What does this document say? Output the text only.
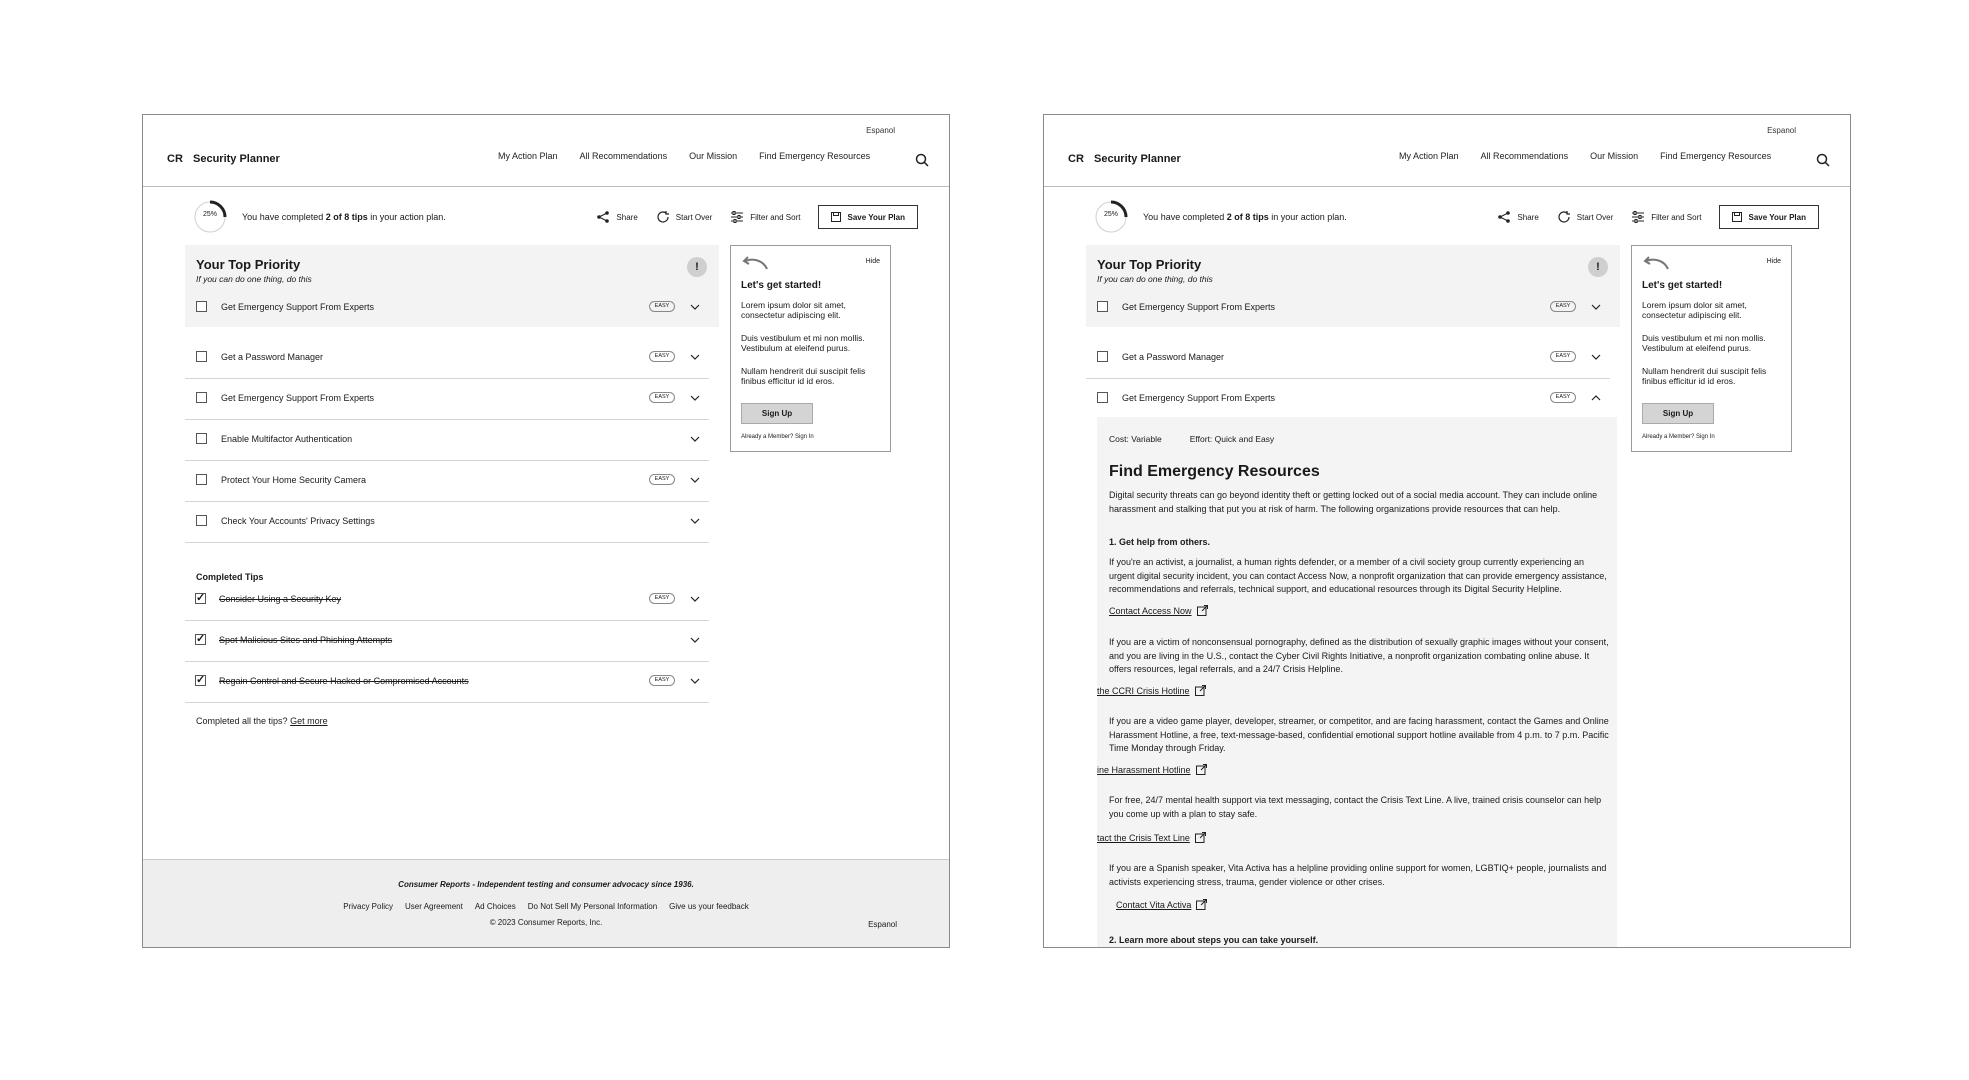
Espanol
CR Security Planner	My Action Plan All Recommendations Our Mission Find Emergency Resources
25%	You have completed 2 of 8 tips in your action plan.	Share	Start Over	Filter and Sort	Save Your Plan
Your Top Priority
If you can do one thing, do this
!
Get Emergency Support From Experts	EASY
Get a Password Manager	EASY
Get Emergency Support From Experts	EASY
Enable Multifactor Authentication
Protect Your Home Security Camera	EASY
Check Your Accounts' Privacy Settings
Completed Tips
✓
Consider Using a Security Key	EASY
✓
Spot Malicious Sites and Phishing Attempts
✓
Regain Control and Secure Hacked or Compromised Accounts	EASY
Completed all the tips? Get more
Hide
Let's get started!

Lorem ipsum dolor sit amet, consectetur adipiscing elit.

Duis vestibulum et mi non mollis. Vestibulum at eleifend purus.

Nullam hendrerit dui suscipit felis finibus efficitur id id eros.

Sign Up
Already a Member? Sign In
Consumer Reports - Independent testing and consumer advocacy since 1936.
Privacy Policy User Agreement Ad Choices Do Not Sell My Personal Information Give us your feedback
© 2023 Consumer Reports, Inc.	Espanol
Espanol
CR Security Planner	My Action Plan All Recommendations Our Mission Find Emergency Resources
25%	You have completed 2 of 8 tips in your action plan.	Share	Start Over	Filter and Sort	Save Your Plan
Your Top Priority
If you can do one thing, do this
!
Get Emergency Support From Experts	EASY
Get a Password Manager	EASY
Get Emergency Support From Experts	EASY
Cost: Variable	Effort: Quick and Easy
Find Emergency Resources

Digital security threats can go beyond identity theft or getting locked out of a social media account. They can include online harassment and stalking that put you at risk of harm. The following organizations provide resources that can help.

1. Get help from others.

If you're an activist, a journalist, a human rights defender, or a member of a civil society group currently experiencing an urgent digital security incident, you can contact Access Now, a nonprofit organization that can provide emergency assistance, recommendations and referrals, technical support, and educational resources through its Digital Security Helpline.

Contact Access Now

If you are a victim of nonconsensual pornography, defined as the distribution of sexually graphic images without your consent, and you are living in the U.S., contact the Cyber Civil Rights Initiative, a nonprofit organization combating online abuse. It offers resources, legal referrals, and a 24/7 Crisis Helpline.

the CCRI Crisis Hotline

If you are a video game player, developer, streamer, or competitor, and are facing harassment, contact the Games and Online Harassment Hotline, a free, text-message-based, confidential emotional support hotline available from 4 p.m. to 7 p.m. Pacific Time Monday through Friday.

ine Harassment Hotline

For free, 24/7 mental health support via text messaging, contact the Crisis Text Line. A live, trained crisis counselor can help you come up with a plan to stay safe.

tact the Crisis Text Line

If you are a Spanish speaker, Vita Activa has a helpline providing online support for women, LGBTIQ+ people, journalists and activists experiencing stress, trauma, gender violence or other crises.

Contact Vita Activa
2. Learn more about steps you can take yourself.
Hide
Let's get started!

Lorem ipsum dolor sit amet, consectetur adipiscing elit.

Duis vestibulum et mi non mollis. Vestibulum at eleifend purus.

Nullam hendrerit dui suscipit felis finibus efficitur id id eros.

Sign Up
Already a Member? Sign In
